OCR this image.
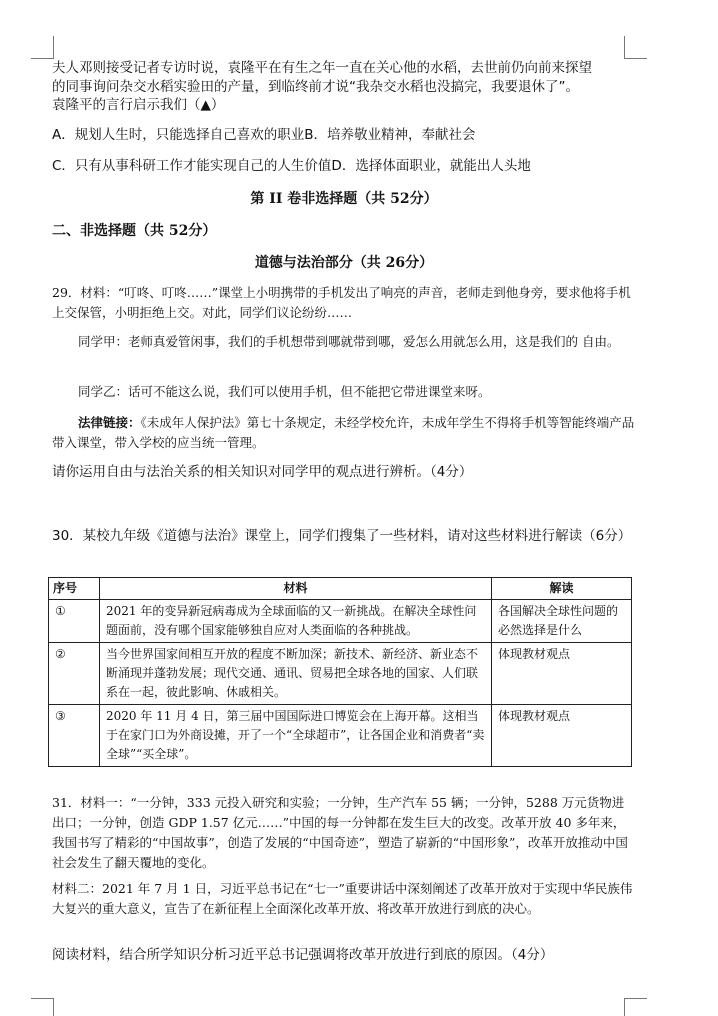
夫人邓则接受记者专访时说，袁隆平在有生之年一直在关心他的水稻，去世前仍向前来探望

的同事询问杂交水稻实验田的产量，到临终前才说“我杂交水稻也没搞完，我要退休了”。

袁隆平的言行启示我们（▲）

A．规划人生时，只能选择自己喜欢的职业B．培养敬业精神，奉献社会

C．只有从事科研工作才能实现自己的人生价值D．选择体面职业，就能出人头地

第 II 卷非选择题（共 52分）

二、非选择题（共 52分）

道德与法治部分（共 26分）

29．材料：“叮咚、叮咚……”课堂上小明携带的手机发出了响亮的声音，老师走到他身旁，要求他将手机上交保管，小明拒绝上交。对此，同学们议论纷纷……

同学甲：老师真爱管闲事，我们的手机想带到哪就带到哪，爱怎么用就怎么用，这是我们的 自由。

同学乙：话可不能这么说，我们可以使用手机，但不能把它带进课堂来呀。

法律链接：《未成年人保护法》第七十条规定，未经学校允许，未成年学生不得将手机等智能终端产品带入课堂，带入学校的应当统一管理。

请你运用自由与法治关系的相关知识对同学甲的观点进行辨析。（4分）

30．某校九年级《道德与法治》课堂上，同学们搜集了一些材料，请对这些材料进行解读（6分）

序号	材料	解读
①	2021 年的变异新冠病毒成为全球面临的又一新挑战。在解决全球性问题面前，没有哪个国家能够独自应对人类面临的各种挑战。	各国解决全球性问题的必然选择是什么
②	当今世界国家间相互开放的程度不断加深；新技术、新经济、新业态不断涌现并蓬勃发展；现代交通、通讯、贸易把全球各地的国家、人们联系在一起，彼此影响、休戚相关。	体现教材观点
③	2020 年 11 月 4 日，第三届中国国际进口博览会在上海开幕。这相当于在家门口为外商设摊，开了一个“全球超市”，让各国企业和消费者“卖全球”“买全球”。	体现教材观点

31．材料一：“一分钟，333 元投入研究和实验；一分钟，生产汽车 55 辆；一分钟，5288 万元货物进出口；一分钟，创造 GDP 1.57 亿元……”中国的每一分钟都在发生巨大的改变。改革开放 40 多年来，我国书写了精彩的“中国故事”，创造了发展的“中国奇迹”，塑造了崭新的“中国形象”，改革开放推动中国社会发生了翻天覆地的变化。

材料二：2021 年 7 月 1 日，习近平总书记在“七一”重要讲话中深刻阐述了改革开放对于实现中华民族伟大复兴的重大意义，宣告了在新征程上全面深化改革开放、将改革开放进行到底的决心。

阅读材料，结合所学知识分析习近平总书记强调将改革开放进行到底的原因。（4分）
